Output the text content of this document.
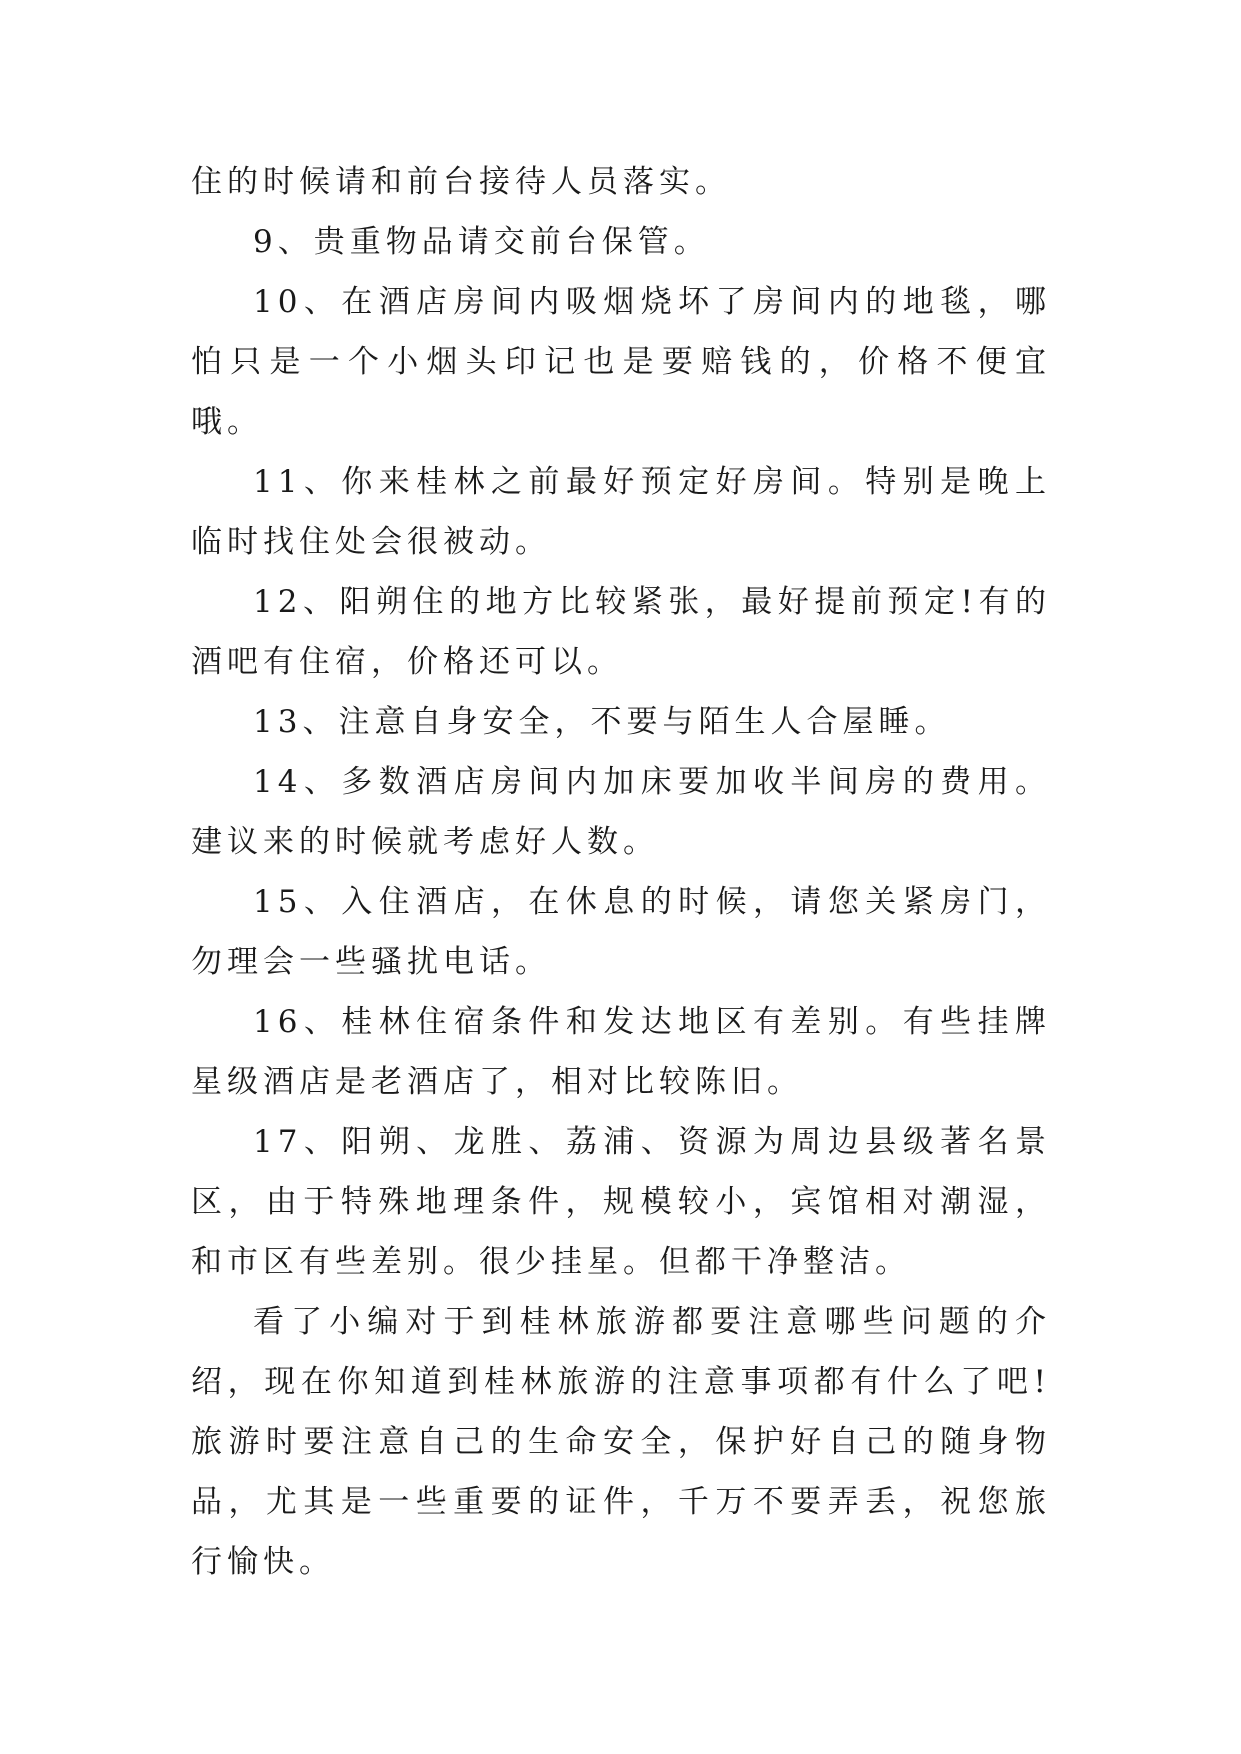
住的时候请和前台接待人员落实。

9、贵重物品请交前台保管。

10、在酒店房间内吸烟烧坏了房间内的地毯，哪怕只是一个小烟头印记也是要赔钱的，价格不便宜哦。

11、你来桂林之前最好预定好房间。特别是晚上临时找住处会很被动。

12、阳朔住的地方比较紧张，最好提前预定!有的酒吧有住宿，价格还可以。

13、注意自身安全，不要与陌生人合屋睡。

14、多数酒店房间内加床要加收半间房的费用。建议来的时候就考虑好人数。

15、入住酒店，在休息的时候，请您关紧房门，勿理会一些骚扰电话。

16、桂林住宿条件和发达地区有差别。有些挂牌星级酒店是老酒店了，相对比较陈旧。

17、阳朔、龙胜、荔浦、资源为周边县级著名景区，由于特殊地理条件，规模较小，宾馆相对潮湿，和市区有些差别。很少挂星。但都干净整洁。

看了小编对于到桂林旅游都要注意哪些问题的介绍，现在你知道到桂林旅游的注意事项都有什么了吧!旅游时要注意自己的生命安全，保护好自己的随身物品，尤其是一些重要的证件，千万不要弄丢，祝您旅行愉快。
